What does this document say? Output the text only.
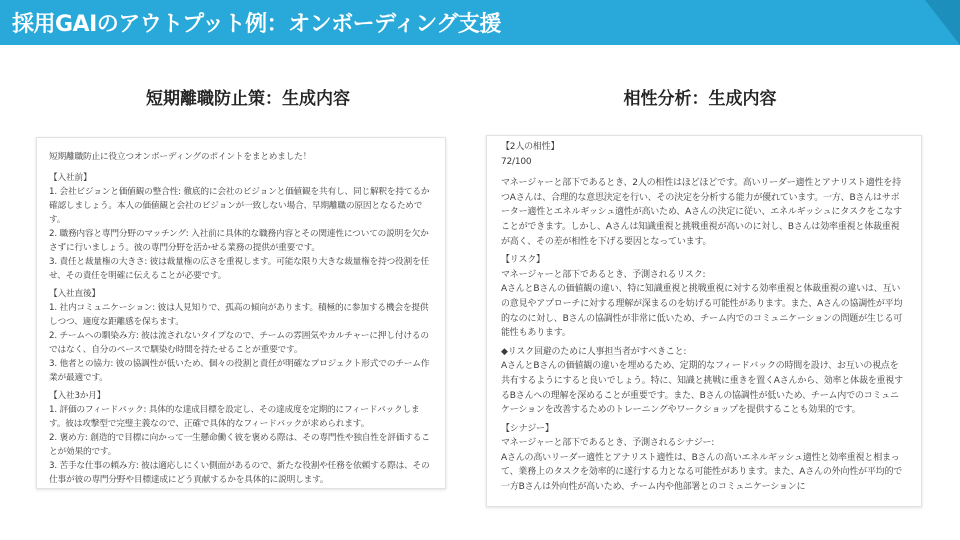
採用GAIのアウトプット例：オンボーディング支援
短期離職防止策：生成内容	相性分析：生成内容

短期離職防止に役立つオンボーディングのポイントをまとめました！

【入社前】

1. 会社ビジョンと価値観の整合性: 徹底的に会社のビジョンと価値観を共有し、同じ解釈を持てるか確認しましょう。本人の価値観と会社のビジョンが一致しない場合、早期離職の原因となるためです。

2. 職務内容と専門分野のマッチング: 入社前に具体的な職務内容とその関連性についての説明を欠かさずに行いましょう。彼の専門分野を活かせる業務の提供が重要です。

3. 責任と裁量権の大きさ: 彼は裁量権の広さを重視します。可能な限り大きな裁量権を持つ役割を任せ、その責任を明確に伝えることが必要です。

【入社直後】

1. 社内コミュニケーション: 彼は人見知りで、孤高の傾向があります。積極的に参加する機会を提供しつつ、適度な距離感を保ちます。

2. チームへの馴染み方: 彼は流されないタイプなので、チームの雰囲気やカルチャーに押し付けるのではなく、自分のペースで馴染む時間を持たせることが重要です。

3. 他者との協力: 彼の協調性が低いため、個々の役割と責任が明確なプロジェクト形式でのチーム作業が最適です。

【入社3か月】

1. 評価のフィードバック: 具体的な達成目標を設定し、その達成度を定期的にフィードバックします。彼は攻撃型で完璧主義なので、正確で具体的なフィードバックが求められます。

2. 褒め方: 創造的で目標に向かって一生懸命働く彼を褒める際は、その専門性や独自性を評価することが効果的です。

3. 苦手な仕事の頼み方: 彼は適応しにくい側面があるので、新たな役割や任務を依頼する際は、その仕事が彼の専門分野や目標達成にどう貢献するかを具体的に説明します。

【2人の相性】

72/100

マネージャーと部下であるとき、2人の相性はほどほどです。高いリーダー適性とアナリスト適性を持つAさんは、合理的な意思決定を行い、その決定を分析する能力が優れています。一方、Bさんはサポーター適性とエネルギッシュ適性が高いため、Aさんの決定に従い、エネルギッシュにタスクをこなすことができます。しかし、Aさんは知識重視と挑戦重視が高いのに対し、Bさんは効率重視と体裁重視が高く、その差が相性を下げる要因となっています。

【リスク】

マネージャーと部下であるとき、予測されるリスク:

AさんとBさんの価値観の違い、特に知識重視と挑戦重視に対する効率重視と体裁重視の違いは、互いの意見やアプローチに対する理解が深まるのを妨げる可能性があります。また、Aさんの協調性が平均的なのに対し、Bさんの協調性が非常に低いため、チーム内でのコミュニケーションの問題が生じる可能性もあります。

◆リスク回避のために人事担当者がすべきこと:

AさんとBさんの価値観の違いを埋めるため、定期的なフィードバックの時間を設け、お互いの視点を共有するようにすると良いでしょう。特に、知識と挑戦に重きを置くAさんから、効率と体裁を重視するBさんへの理解を深めることが重要です。また、Bさんの協調性が低いため、チーム内でのコミュニケーションを改善するためのトレーニングやワークショップを提供することも効果的です。

【シナジー】

マネージャーと部下であるとき、予測されるシナジー:

Aさんの高いリーダー適性とアナリスト適性は、Bさんの高いエネルギッシュ適性と効率重視と相まって、業務上のタスクを効率的に遂行する力となる可能性があります。また、Aさんの外向性が平均的で一方Bさんは外向性が高いため、チーム内や他部署とのコミュニケーションに
